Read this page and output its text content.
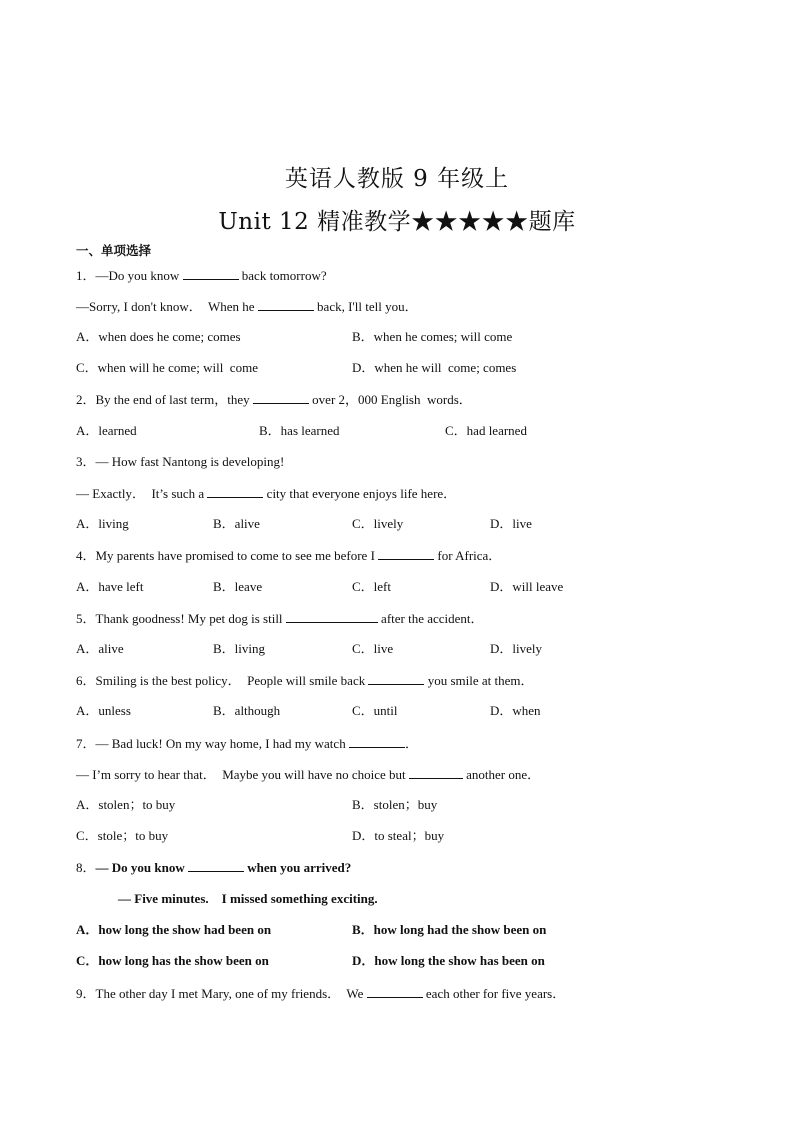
英语人教版 9 年级上
Unit 12 精准教学★★★★★题库
一、单项选择
1．—Do you know	back tomorrow?
—Sorry, I don't know．  When he	back, I'll tell you．
A．when does he come; comes	B．when he comes; will come
C．when will he come; will  come	D．when he will  come; comes
2．By the end of last term，they	over 2，000 English  words．
A．learned	B．has learned	C．had learned
3．— How fast Nantong is developing!
— Exactly．  It’s such a	city that everyone enjoys life here．
A．living	B．alive	C．lively	D．live
4．My parents have promised to come to see me before I	for Africa．
A．have left	B．leave	C．left	D．will leave
5．Thank goodness! My pet dog is still	after the accident．
A．alive	B．living	C．live	D．lively
6．Smiling is the best policy．  People will smile back	you smile at them．
A．unless	B．although	C．until	D．when
7．— Bad luck! On my way home, I had my watch	．
— I’m sorry to hear that．  Maybe you will have no choice but	another one．
A．stolen；to buy	B．stolen；buy
C．stole；to buy	D．to steal；buy
8．— Do you know	when you arrived?
— Five minutes.    I missed something exciting.
A．how long the show had been on	B．how long had the show been on
C．how long has the show been on	D．how long the show has been on
9．The other day I met Mary, one of my friends．  We	each other for five years．
